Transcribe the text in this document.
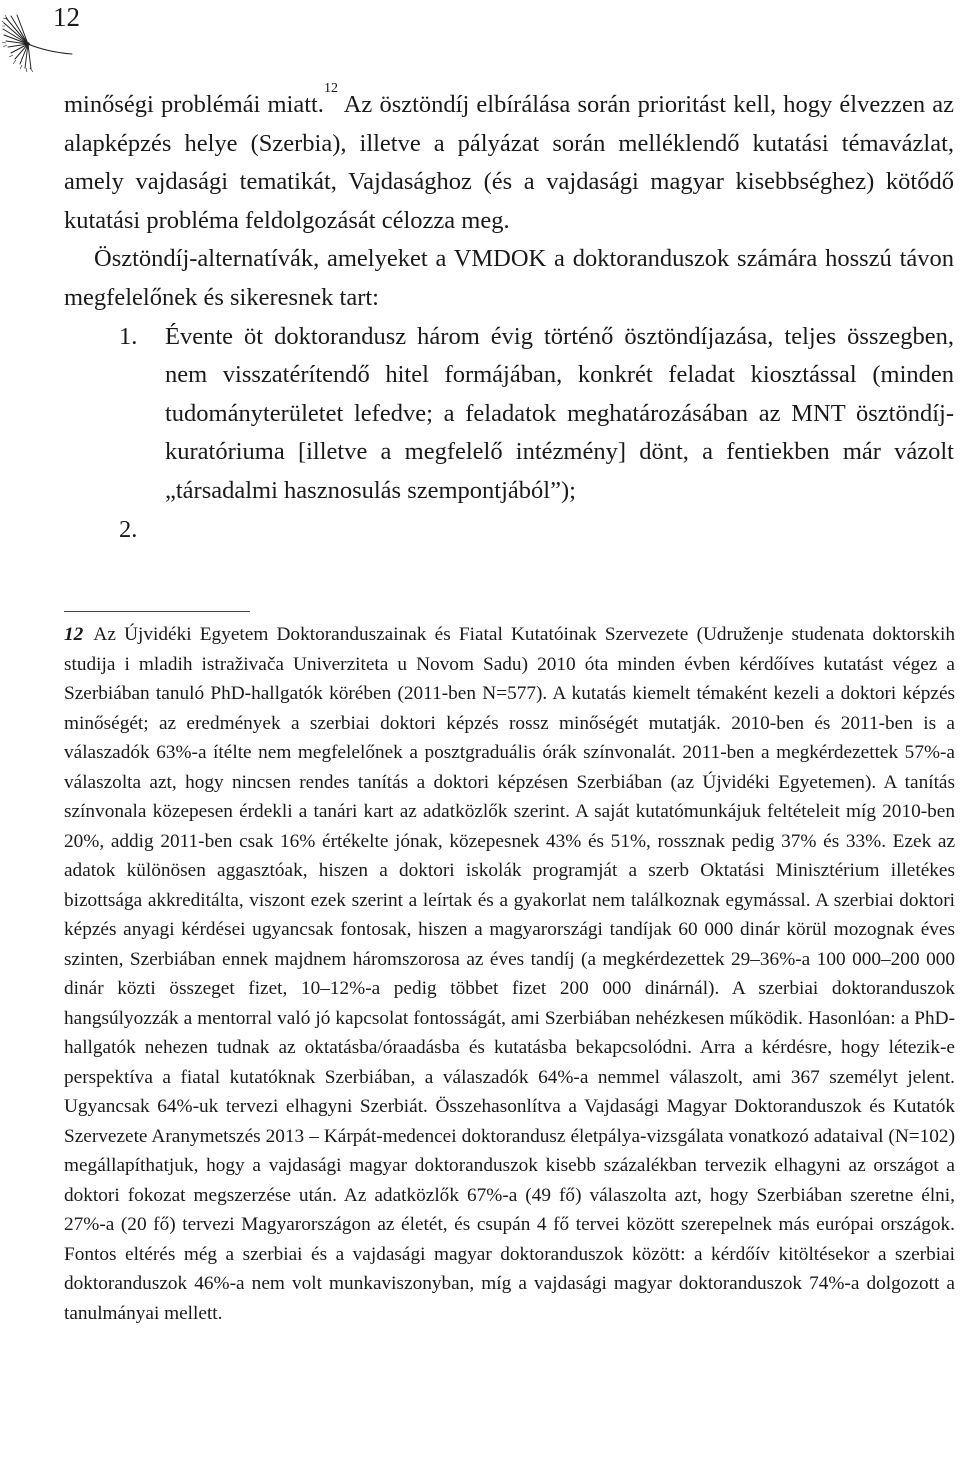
12

minőségi problémái miatt.$^{12}$ Az ösztöndíj elbírálása során prioritást kell, hogy élvezzen az alapképzés helye (Szerbia), illetve a pályázat során melléklendő kutatási témavázlat, amely vajdasági tematikát, Vajdasághoz (és a vajdasági magyar kisebbséghez) kötődő kutatási probléma feldolgozását célozza meg.

Ösztöndíj-alternatívák, amelyeket a VMDOK a doktoranduszok számára hosszú távon megfelelőnek és sikeresnek tart:

1. Évente öt doktorandusz három évig történő ösztöndíjazása, teljes összegben, nem visszatérítendő hitel formájában, konkrét feladat kiosztással (minden tudományterületet lefedve; a feladatok meghatározásában az MNT ösztöndíj-kuratóriuma [illetve a megfelelő intézmény] dönt, a fentiekben már vázolt „társadalmi hasznosulás szempontjából”);
2.

12 Az Újvidéki Egyetem Doktoranduszainak és Fiatal Kutatóinak Szervezete (Udruženje studenata doktorskih studija i mladih istraživača Univerziteta u Novom Sadu) 2010 óta minden évben kérdőíves kutatást végez a Szerbiában tanuló PhD-hallgatók körében (2011-ben N=577). A kutatás kiemelt témaként kezeli a doktori képzés minőségét; az eredmények a szerbiai doktori képzés rossz minőségét mutatják. 2010-ben és 2011-ben is a válaszadók 63%-a ítélte nem megfelelőnek a posztgraduális órák színvonalát. 2011-ben a megkérdezettek 57%-a válaszolta azt, hogy nincsen rendes tanítás a doktori képzésen Szerbiában (az Újvidéki Egyetemen). A tanítás színvonala közepesen érdekli a tanári kart az adatközlők szerint. A saját kutatómunkájuk feltételeit míg 2010-ben 20%, addig 2011-ben csak 16% értékelte jónak, közepesnek 43% és 51%, rossznak pedig 37% és 33%. Ezek az adatok különösen aggasztóak, hiszen a doktori iskolák programját a szerb Oktatási Minisztérium illetékes bizottsága akkreditálta, viszont ezek szerint a leírtak és a gyakorlat nem találkoznak egymással. A szerbiai doktori képzés anyagi kérdései ugyancsak fontosak, hiszen a magyarországi tandíjak 60 000 dinár körül mozognak éves szinten, Szerbiában ennek majdnem háromszorosa az éves tandíj (a megkérdezettek 29–36%-a 100 000–200 000 dinár közti összeget fizet, 10–12%-a pedig többet fizet 200 000 dinárnál). A szerbiai doktoranduszok hangsúlyozzák a mentorral való jó kapcsolat fontosságát, ami Szerbiában nehézkesen működik. Hasonlóan: a PhD-hallgatók nehezen tudnak az oktatásba/óraadásba és kutatásba bekapcsolódni. Arra a kérdésre, hogy létezik-e perspektíva a fiatal kutatóknak Szerbiában, a válaszadók 64%-a nemmel válaszolt, ami 367 személyt jelent. Ugyancsak 64%-uk tervezi elhagyni Szerbiát. Összehasonlítva a Vajdasági Magyar Doktoranduszok és Kutatók Szervezete Aranymetszés 2013 – Kárpát-medencei doktorandusz életpálya-vizsgálata vonatkozó adataival (N=102) megállapíthatjuk, hogy a vajdasági magyar doktoranduszok kisebb százalékban tervezik elhagyni az országot a doktori fokozat megszerzése után. Az adatközlők 67%-a (49 fő) válaszolta azt, hogy Szerbiában szeretne élni, 27%-a (20 fő) tervezi Magyarországon az életét, és csupán 4 fő tervei között szerepelnek más európai országok. Fontos eltérés még a szerbiai és a vajdasági magyar doktoranduszok között: a kérdőív kitöltésekor a szerbiai doktoranduszok 46%-a nem volt munkaviszonyban, míg a vajdasági magyar doktoranduszok 74%-a dolgozott a tanulmányai mellett.
